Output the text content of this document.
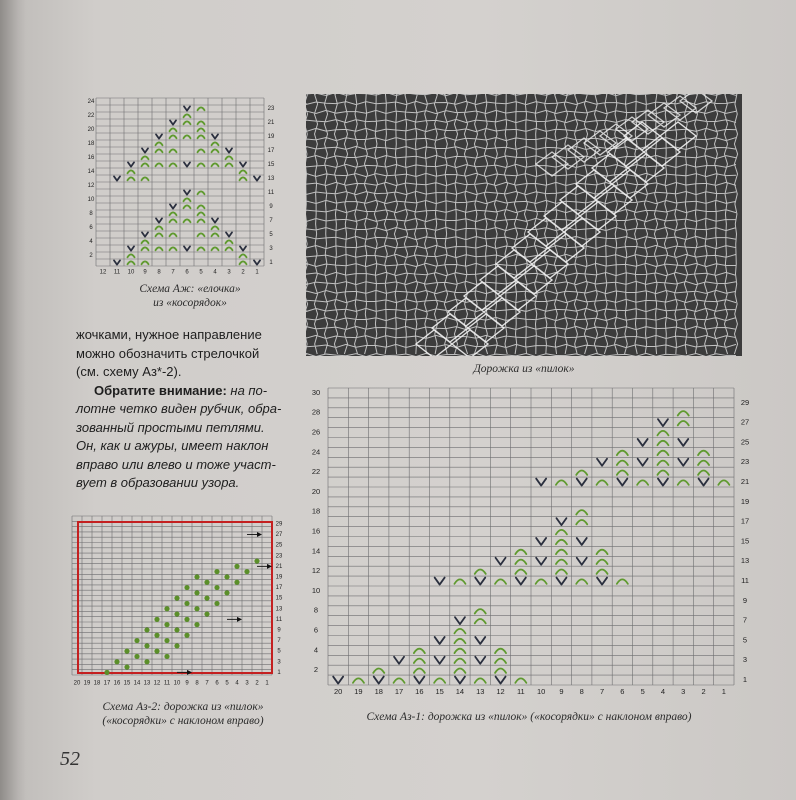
24
22
20
18
16
14
12
10
8
6
4
2
23
21
19
17
15
13
11
9
7
5
3
1
12 11 10 9 8 7 6 5 4 3 2 1
Схема Аж: «елочка»
из «косорядок»
Дорожка из «пилок»

жочками, нужное направление

можно обозначить стрелочкой

(см. схему Аз*-2).

Обратите внимание: на по-

лотне четко виден рубчик, обра-

зованный простыми петлями.

Он, как и ажуры, имеет наклон

вправо или влево и тоже участ-

вует в образовании узора.

29
27
25
23
21
19
17
15
13
11
9
7
5
3
1
20 19 18 17 16 15 14 13 12 11 10 9 8 7 6 5 4 3 2 1
Схема Аз-2: дорожка из «пилок»
(«косорядки» с наклоном вправо)
30
28
26
24
22
20
18
16
14
12
10
8
6
4
2
29
27
25
23
21
19
17
15
13
11
9
7
5
3
1
20 19 18 17 16 15 14 13 12 11 10 9 8 7 6 5 4 3 2 1
Схема Аз-1: дорожка из «пилок» («косорядки» с наклоном вправо)
52
